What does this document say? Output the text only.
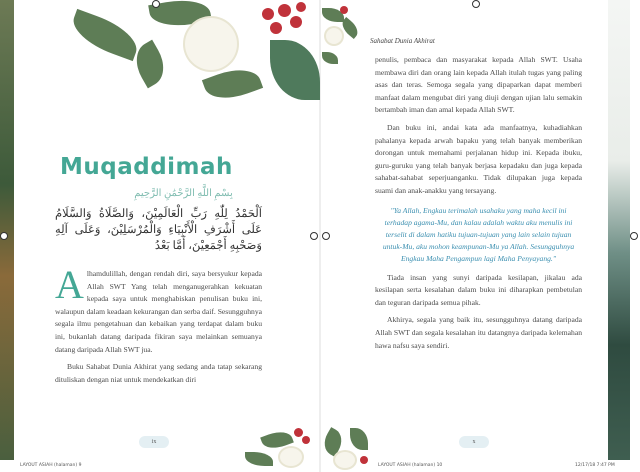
Muqaddimah
بِسْمِ اللَّهِ الرَّحْمَٰنِ الرَّحِيمِ
اَلْحَمْدُ لِلّٰهِ رَبِّ الْعَالَمِيْنَ، وَالصَّلَاةُ وَالسَّلَامُ عَلَى أَشْرَفِ الْأَنْبِيَاءِ وَالْمُرْسَلِيْنَ، وَعَلَى آلِهِ وَصَحْبِهِ أَجْمَعِيْنَ، أَمَّا بَعْدُ

Alhamdulillah, dengan rendah diri, saya bersyukur kepada Allah SWT Yang telah menganugerahkan kekuatan kepada saya untuk menghabiskan penulisan buku ini, walaupun dalam keadaan kekurangan dan serba daif. Sesungguhnya segala ilmu pengetahuan dan kebaikan yang terdapat dalam buku ini, bukanlah datang daripada fikiran saya melainkan semuanya datang daripada Allah SWT jua.

Buku Sahabat Dunia Akhirat yang sedang anda tatap sekarang dituliskan dengan niat untuk mendekatkan diri

ix
LAYOUT ASIAH (halaman) 9
Sahabat Dunia Akhirat

penulis, pembaca dan masyarakat kepada Allah SWT. Usaha membawa diri dan orang lain kepada Allah itulah tugas yang paling asas dan teras. Semoga segala yang dipaparkan dapat memberi manfaat dalam mengubat diri yang diuji dengan ujian lalu semakin bertambah iman dan amal kepada Allah SWT.

Dan buku ini, andai kata ada manfaatnya, kuhadiahkan pahalanya kepada arwah bapaku yang telah banyak memberikan dorongan untuk memahami perjalanan hidup ini. Kepada ibuku, guru-guruku yang telah banyak berjasa kepadaku dan juga kepada sahabat-sahabat seperjuanganku. Tidak dilupakan juga kepada suami dan anak-anakku yang tersayang.

"Ya Allah, Engkau terimalah usahaku yang maha kecil ini terhadap agama-Mu, dan kalau adalah waktu aku menulis ini terselit di dalam hatiku tujuan-tujuan yang lain selain tujuan untuk-Mu, aku mohon keampunan-Mu ya Allah. Sesungguhnya Engkau Maha Pengampun lagi Maha Penyayang."

Tiada insan yang sunyi daripada kesilapan, jikalau ada kesilapan serta kesalahan dalam buku ini diharapkan pembetulan dan teguran daripada semua pihak.

Akhirya, segala yang baik itu, sesungguhnya datang daripada Allah SWT dan segala kesalahan itu datangnya daripada kelemahan hawa nafsu saya sendiri.

x
LAYOUT ASIAH (halaman) 10	12/17/18 7:47 PM
